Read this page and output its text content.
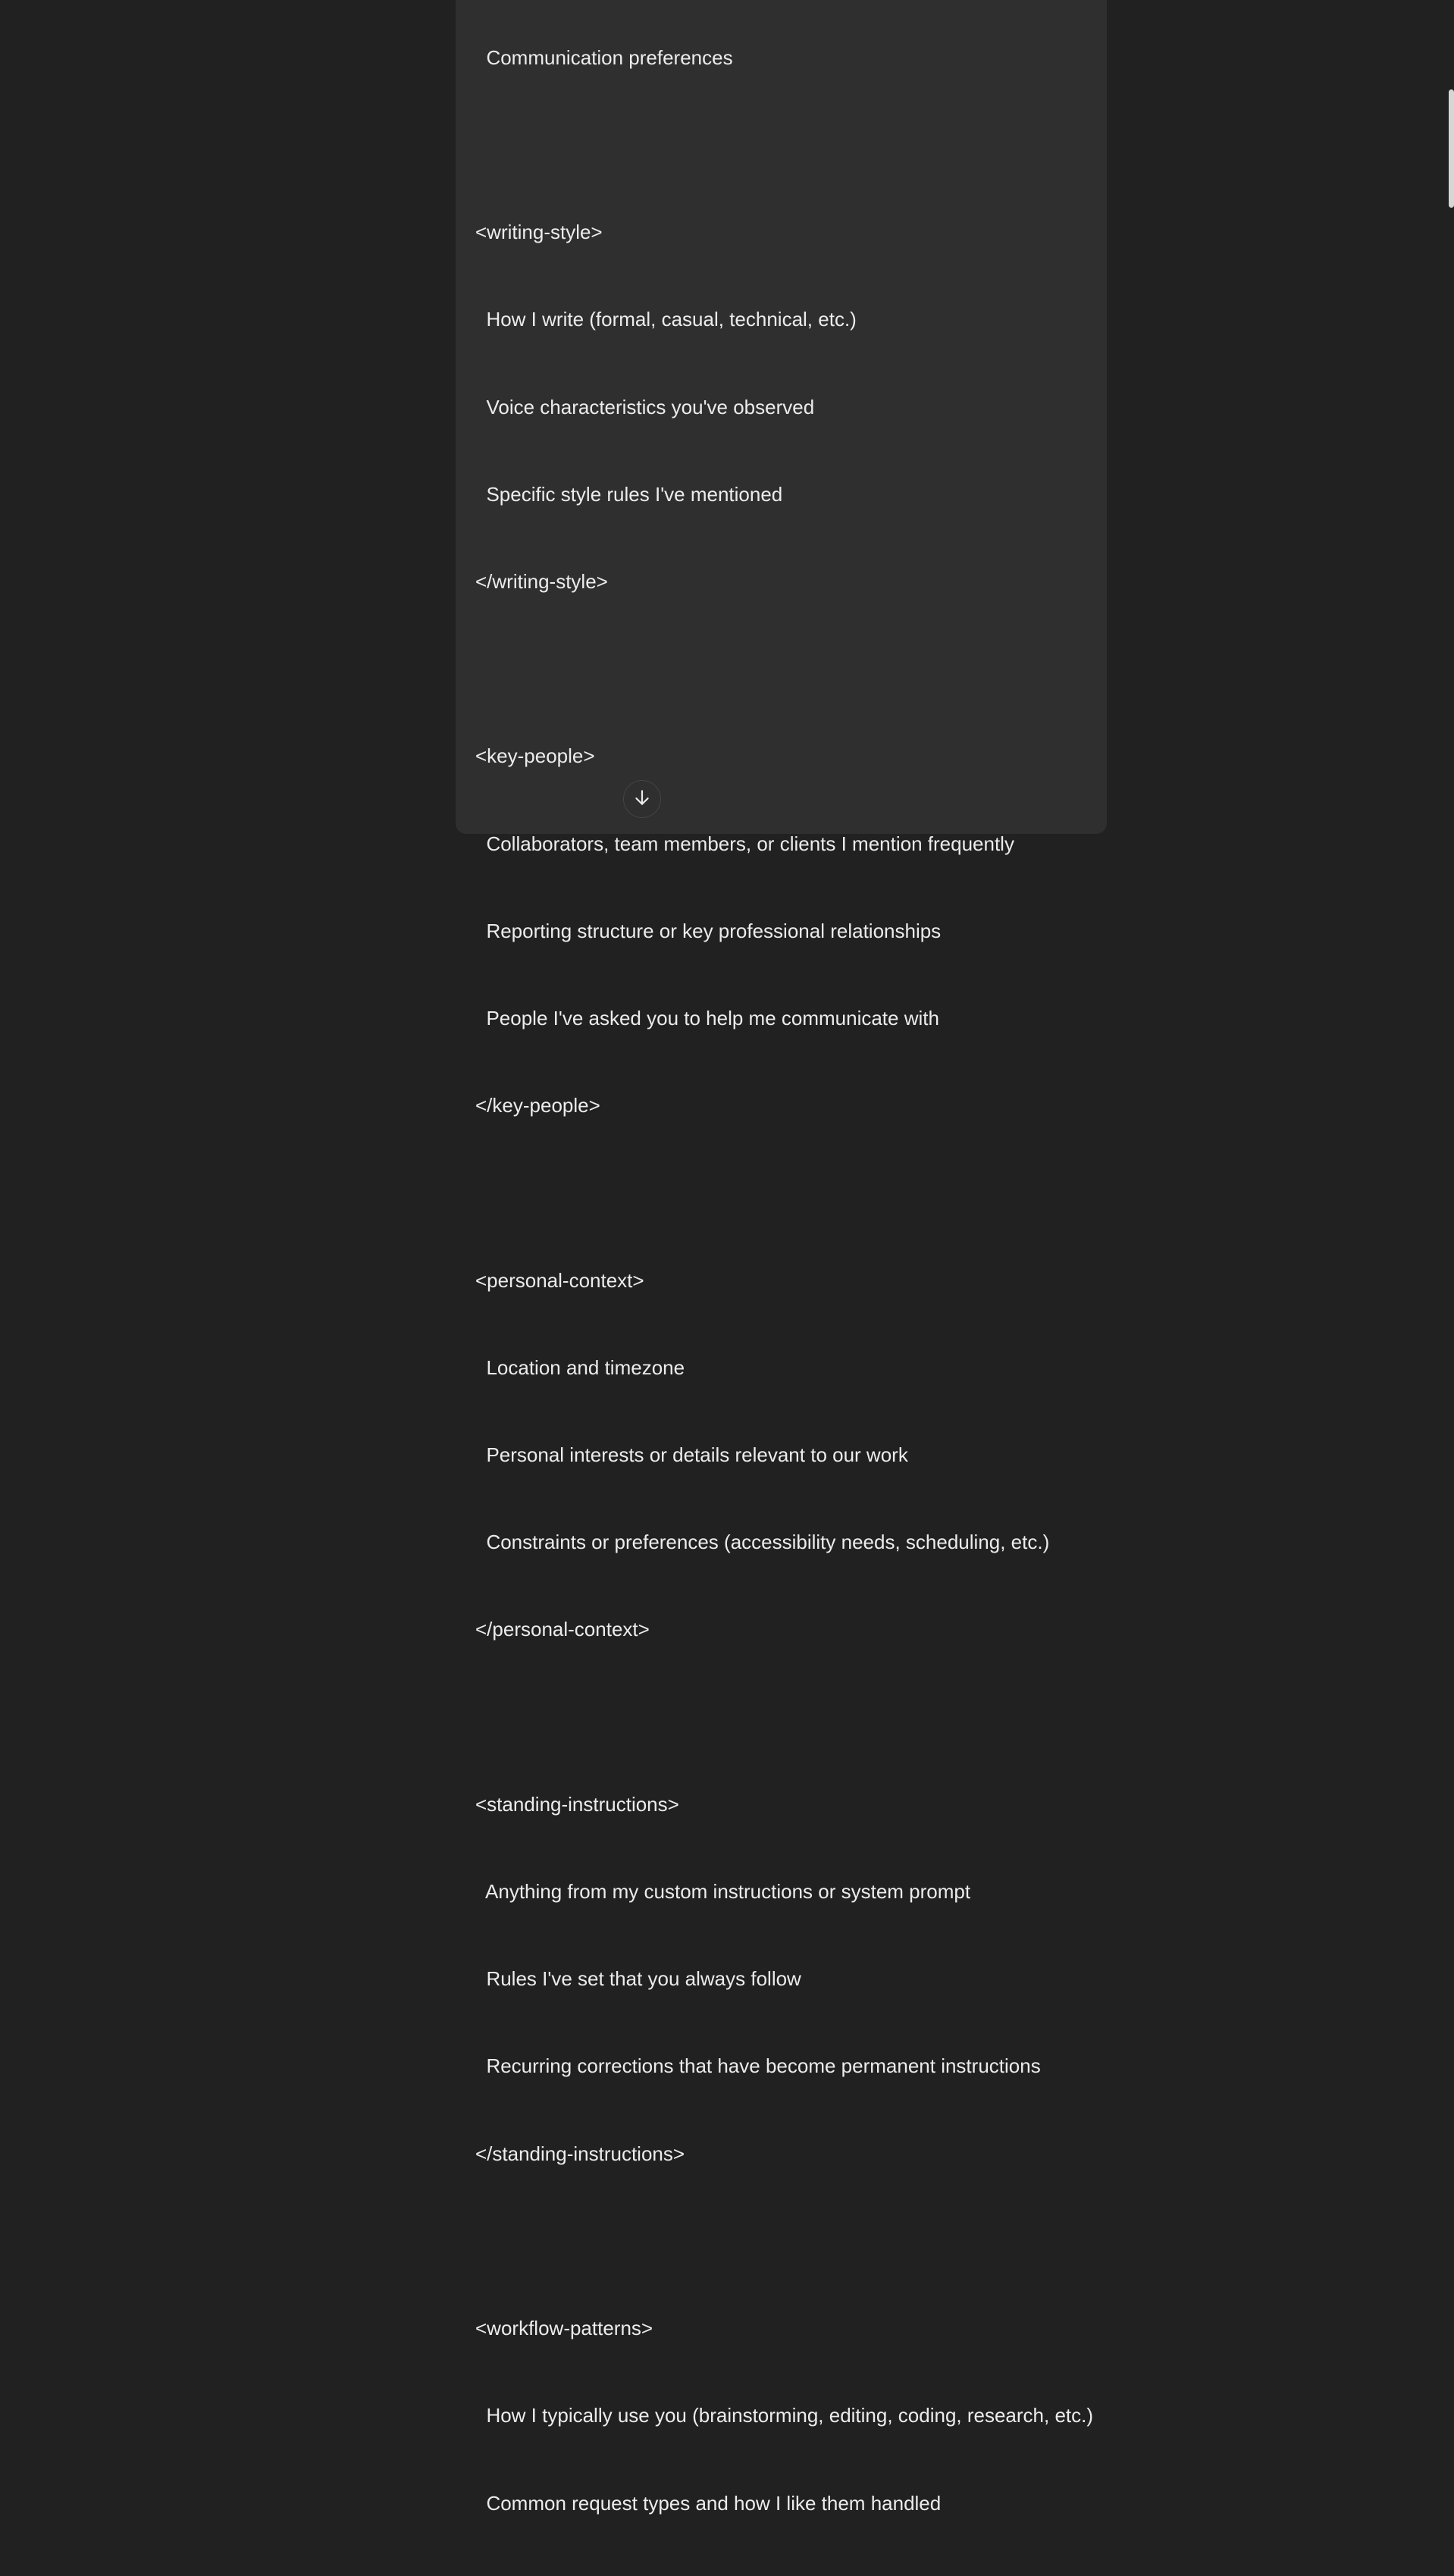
Communication preferences

<writing-style>

How I write (formal, casual, technical, etc.)

Voice characteristics you've observed

Specific style rules I've mentioned

</writing-style>

<key-people>

Collaborators, team members, or clients I mention frequently

Reporting structure or key professional relationships

People I've asked you to help me communicate with

</key-people>

<personal-context>

Location and timezone

Personal interests or details relevant to our work

Constraints or preferences (accessibility needs, scheduling, etc.)

</personal-context>

<standing-instructions>

Anything from my custom instructions or system prompt

Rules I've set that you always follow

Recurring corrections that have become permanent instructions

</standing-instructions>

<workflow-patterns>

How I typically use you (brainstorming, editing, coding, research, etc.)

Common request types and how I like them handled
